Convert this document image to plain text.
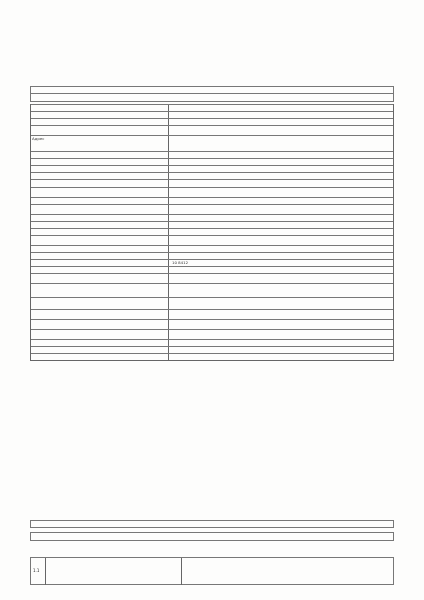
Адрес
10 8412
1.1
